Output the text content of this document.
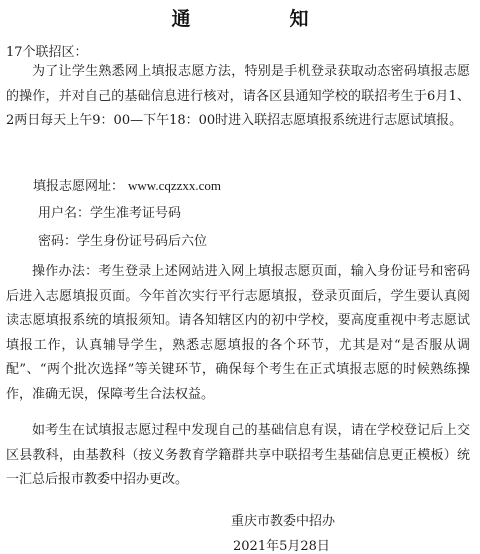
通　知
17个联招区：

为了让学生熟悉网上填报志愿方法，特别是手机登录获取动态密码填报志愿的操作，并对自己的基础信息进行核对，请各区县通知学校的联招考生于6月1、2两日每天上午9：00—下午18：00时进入联招志愿填报系统进行志愿试填报。

填报志愿网址： www.cqzzxx.com
用户名：学生准考证号码
密码：学生身份证号码后六位

操作办法：考生登录上述网站进入网上填报志愿页面，输入身份证号和密码后进入志愿填报页面。今年首次实行平行志愿填报，登录页面后，学生要认真阅读志愿填报系统的填报须知。请各知辖区内的初中学校，要高度重视中考志愿试填报工作，认真辅导学生，熟悉志愿填报的各个环节，尤其是对“是否服从调配”、“两个批次选择”等关键环节，确保每个考生在正式填报志愿的时候熟练操作，准确无误，保障考生合法权益。

如考生在试填报志愿过程中发现自己的基础信息有误，请在学校登记后上交区县教科，由基教科（按义务教育学籍群共享中联招考生基础信息更正模板）统一汇总后报市教委中招办更改。

重庆市教委中招办
2021年5月28日
